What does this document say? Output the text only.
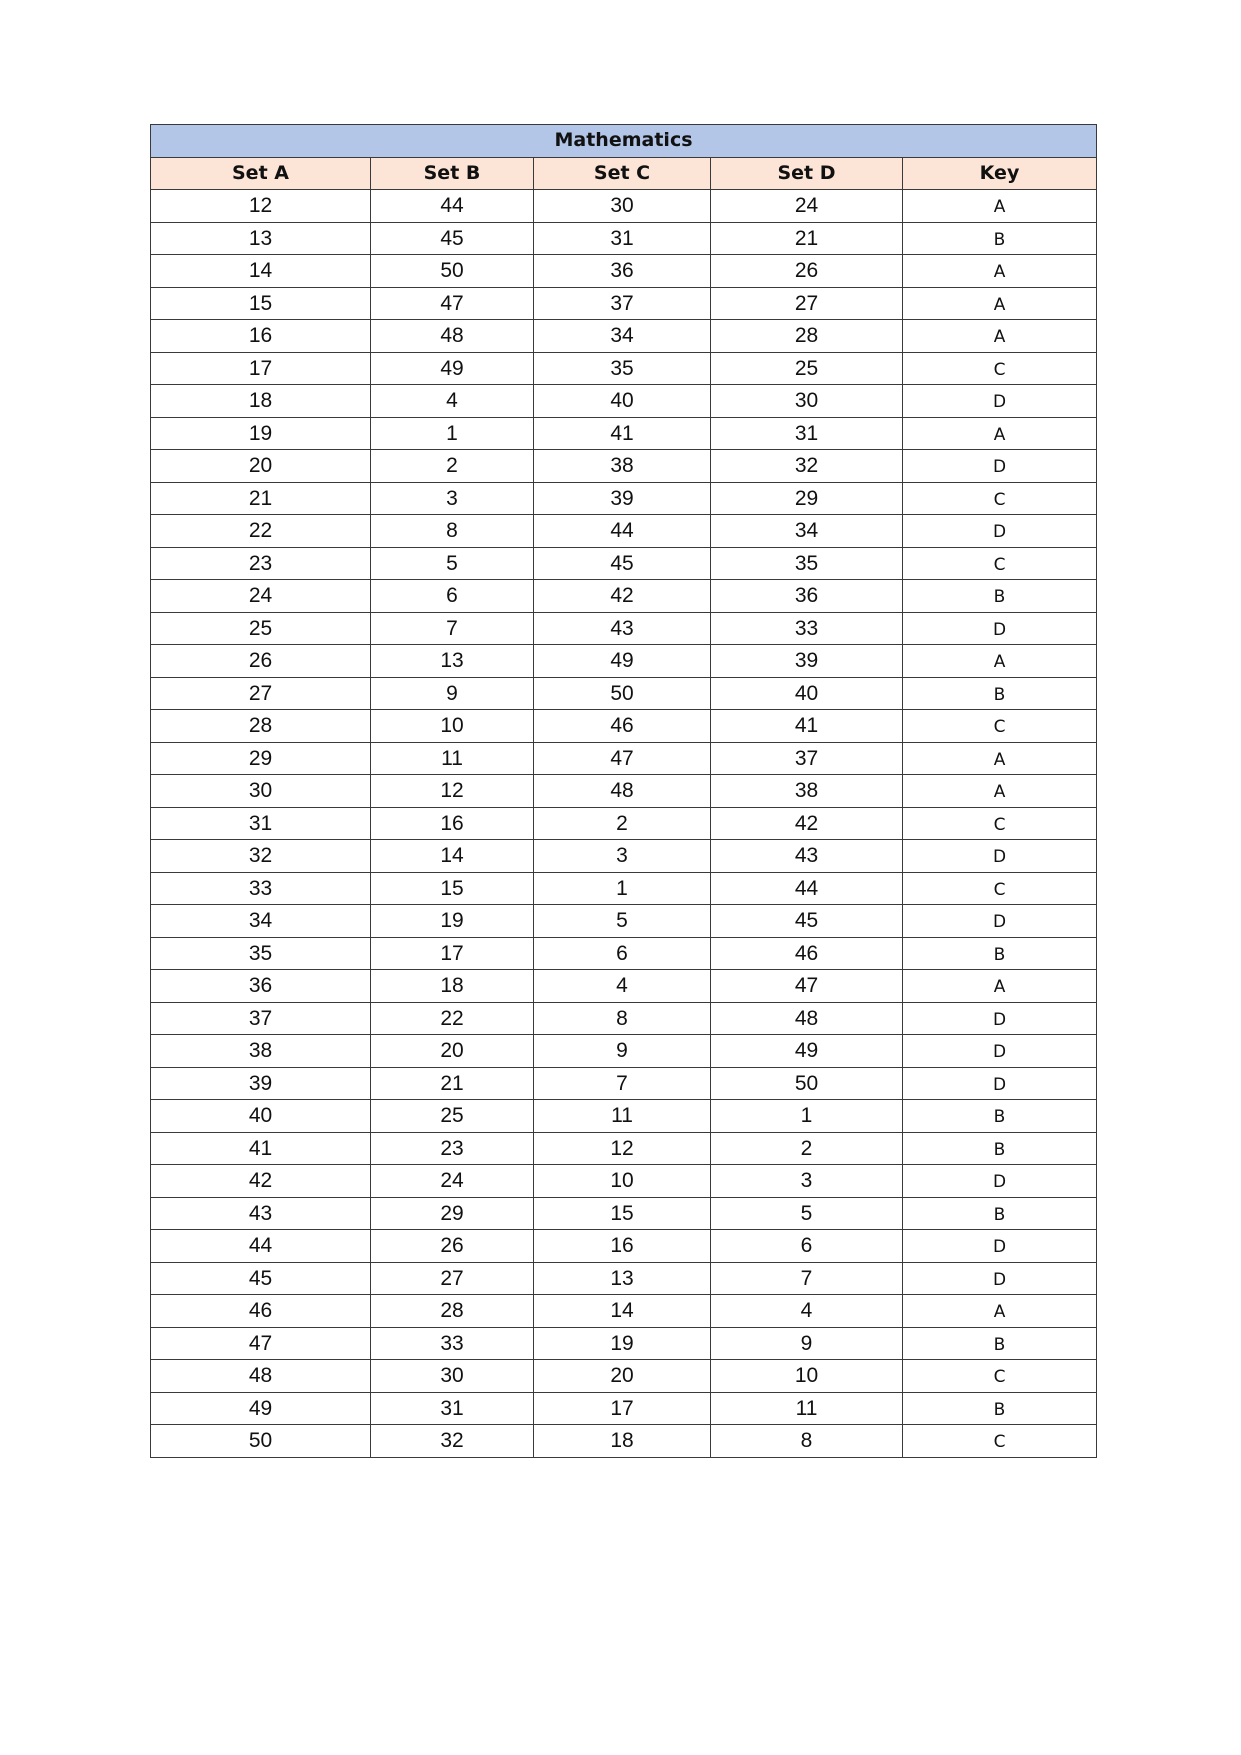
Mathematics				
Set A	Set B	Set C	Set D	Key
12	44	30	24	A
13	45	31	21	B
14	50	36	26	A
15	47	37	27	A
16	48	34	28	A
17	49	35	25	C
18	4	40	30	D
19	1	41	31	A
20	2	38	32	D
21	3	39	29	C
22	8	44	34	D
23	5	45	35	C
24	6	42	36	B
25	7	43	33	D
26	13	49	39	A
27	9	50	40	B
28	10	46	41	C
29	11	47	37	A
30	12	48	38	A
31	16	2	42	C
32	14	3	43	D
33	15	1	44	C
34	19	5	45	D
35	17	6	46	B
36	18	4	47	A
37	22	8	48	D
38	20	9	49	D
39	21	7	50	D
40	25	11	1	B
41	23	12	2	B
42	24	10	3	D
43	29	15	5	B
44	26	16	6	D
45	27	13	7	D
46	28	14	4	A
47	33	19	9	B
48	30	20	10	C
49	31	17	11	B
50	32	18	8	C
